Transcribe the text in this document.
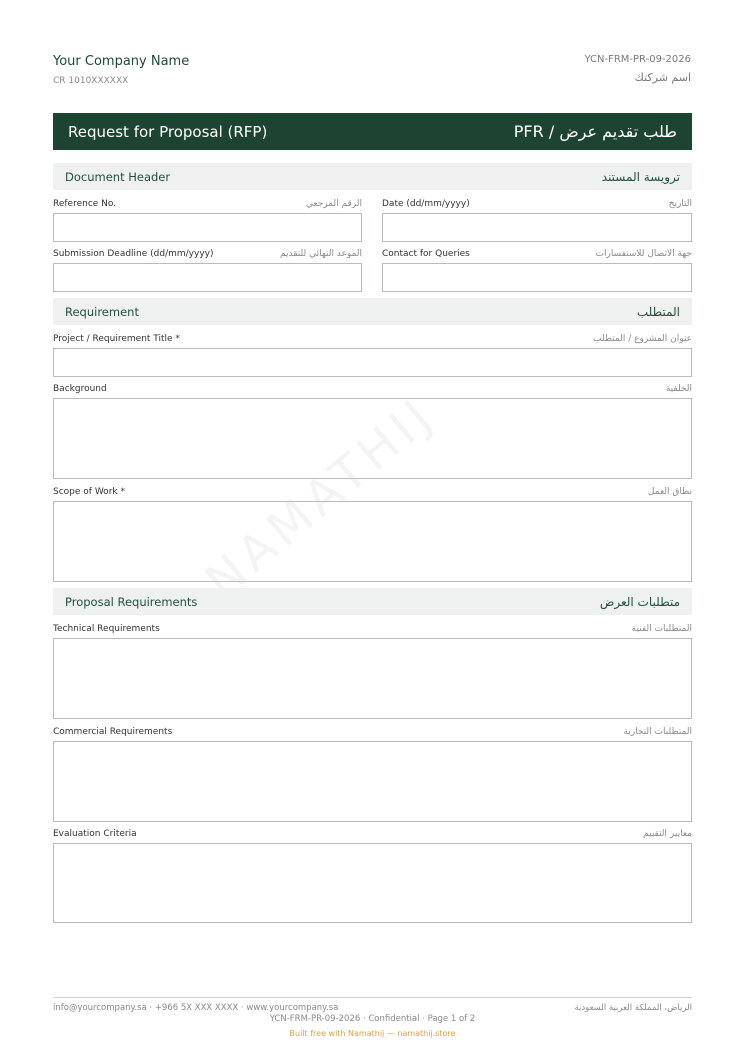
Your Company Name
CR 1010XXXXXX
YCN-FRM-PR-09-2026
اسم شركتك
Request for Proposal (RFP)	طلب تقديم عرض / PFR
NAMATHIJ
Document Header	ترويسة المستند
Reference No.	الرقم المرجعي Date (dd/mm/yyyy)	التاريخ
Submission Deadline (dd/mm/yyyy)	الموعد النهائي للتقديم Contact for Queries	جهة الاتصال للاستفسارات
Requirement	المتطلب
Project / Requirement Title *	عنوان المشروع / المتطلب
Background	الخلفية
Scope of Work *	نطاق العمل
Proposal Requirements	متطلبات العرض
Technical Requirements	المتطلبات الفنية
Commercial Requirements	المتطلبات التجارية
Evaluation Criteria	معايير التقييم
info@yourcompany.sa · +966 5X XXX XXXX · www.yourcompany.sa	الرياض، المملكة العربية السعودية
YCN-FRM-PR-09-2026 · Confidential · Page 1 of 2
Built free with Namathij — namathij.store
